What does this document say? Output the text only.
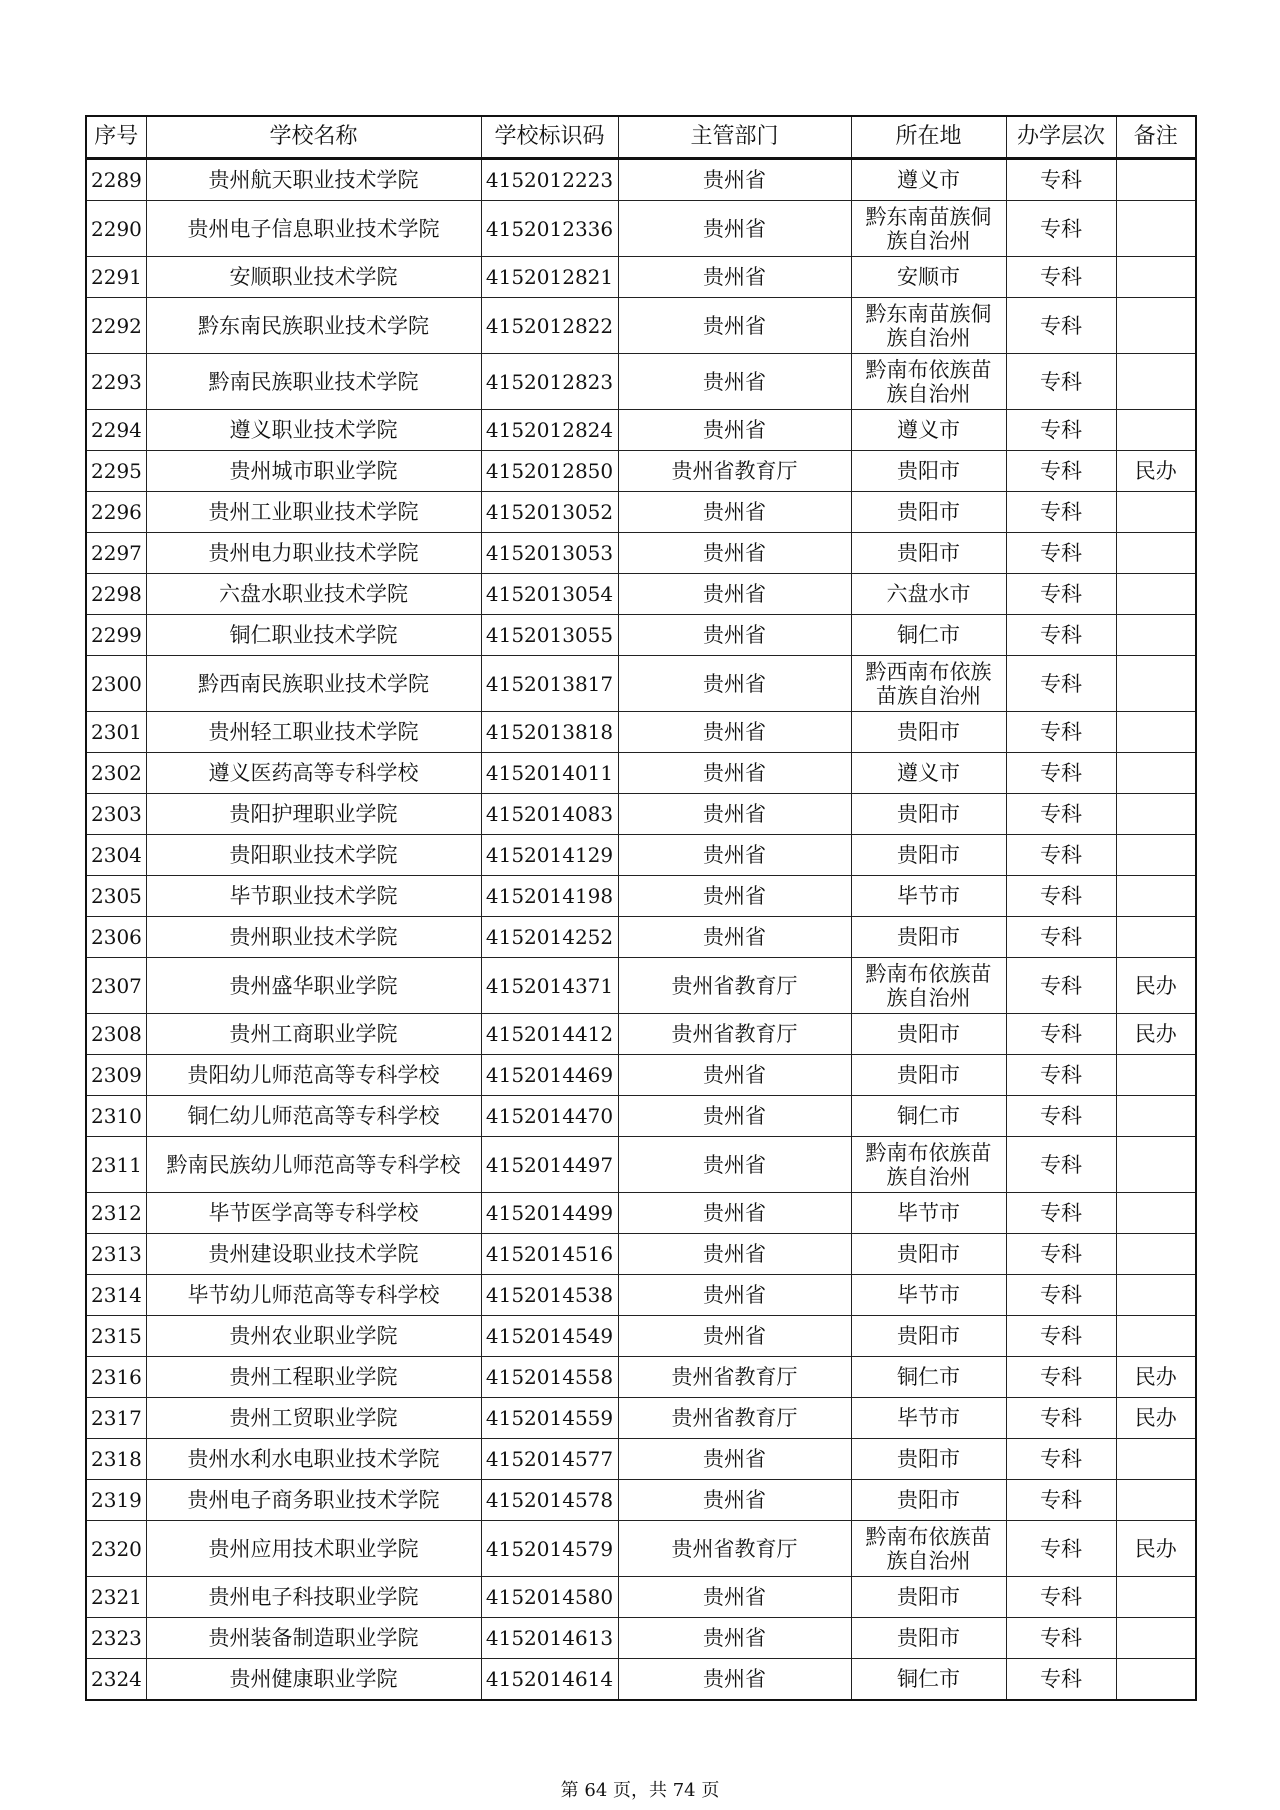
序号	学校名称	学校标识码	主管部门	所在地	办学层次	备注
2289	贵州航天职业技术学院	4152012223	贵州省	遵义市	专科	
2290	贵州电子信息职业技术学院	4152012336	贵州省	黔东南苗族侗族自治州	专科	
2291	安顺职业技术学院	4152012821	贵州省	安顺市	专科	
2292	黔东南民族职业技术学院	4152012822	贵州省	黔东南苗族侗族自治州	专科	
2293	黔南民族职业技术学院	4152012823	贵州省	黔南布依族苗族自治州	专科	
2294	遵义职业技术学院	4152012824	贵州省	遵义市	专科	
2295	贵州城市职业学院	4152012850	贵州省教育厅	贵阳市	专科	民办
2296	贵州工业职业技术学院	4152013052	贵州省	贵阳市	专科	
2297	贵州电力职业技术学院	4152013053	贵州省	贵阳市	专科	
2298	六盘水职业技术学院	4152013054	贵州省	六盘水市	专科	
2299	铜仁职业技术学院	4152013055	贵州省	铜仁市	专科	
2300	黔西南民族职业技术学院	4152013817	贵州省	黔西南布依族苗族自治州	专科	
2301	贵州轻工职业技术学院	4152013818	贵州省	贵阳市	专科	
2302	遵义医药高等专科学校	4152014011	贵州省	遵义市	专科	
2303	贵阳护理职业学院	4152014083	贵州省	贵阳市	专科	
2304	贵阳职业技术学院	4152014129	贵州省	贵阳市	专科	
2305	毕节职业技术学院	4152014198	贵州省	毕节市	专科	
2306	贵州职业技术学院	4152014252	贵州省	贵阳市	专科	
2307	贵州盛华职业学院	4152014371	贵州省教育厅	黔南布依族苗族自治州	专科	民办
2308	贵州工商职业学院	4152014412	贵州省教育厅	贵阳市	专科	民办
2309	贵阳幼儿师范高等专科学校	4152014469	贵州省	贵阳市	专科	
2310	铜仁幼儿师范高等专科学校	4152014470	贵州省	铜仁市	专科	
2311	黔南民族幼儿师范高等专科学校	4152014497	贵州省	黔南布依族苗族自治州	专科	
2312	毕节医学高等专科学校	4152014499	贵州省	毕节市	专科	
2313	贵州建设职业技术学院	4152014516	贵州省	贵阳市	专科	
2314	毕节幼儿师范高等专科学校	4152014538	贵州省	毕节市	专科	
2315	贵州农业职业学院	4152014549	贵州省	贵阳市	专科	
2316	贵州工程职业学院	4152014558	贵州省教育厅	铜仁市	专科	民办
2317	贵州工贸职业学院	4152014559	贵州省教育厅	毕节市	专科	民办
2318	贵州水利水电职业技术学院	4152014577	贵州省	贵阳市	专科	
2319	贵州电子商务职业技术学院	4152014578	贵州省	贵阳市	专科	
2320	贵州应用技术职业学院	4152014579	贵州省教育厅	黔南布依族苗族自治州	专科	民办
2321	贵州电子科技职业学院	4152014580	贵州省	贵阳市	专科	
2323	贵州装备制造职业学院	4152014613	贵州省	贵阳市	专科	
2324	贵州健康职业学院	4152014614	贵州省	铜仁市	专科	
第 64 页，共 74 页
